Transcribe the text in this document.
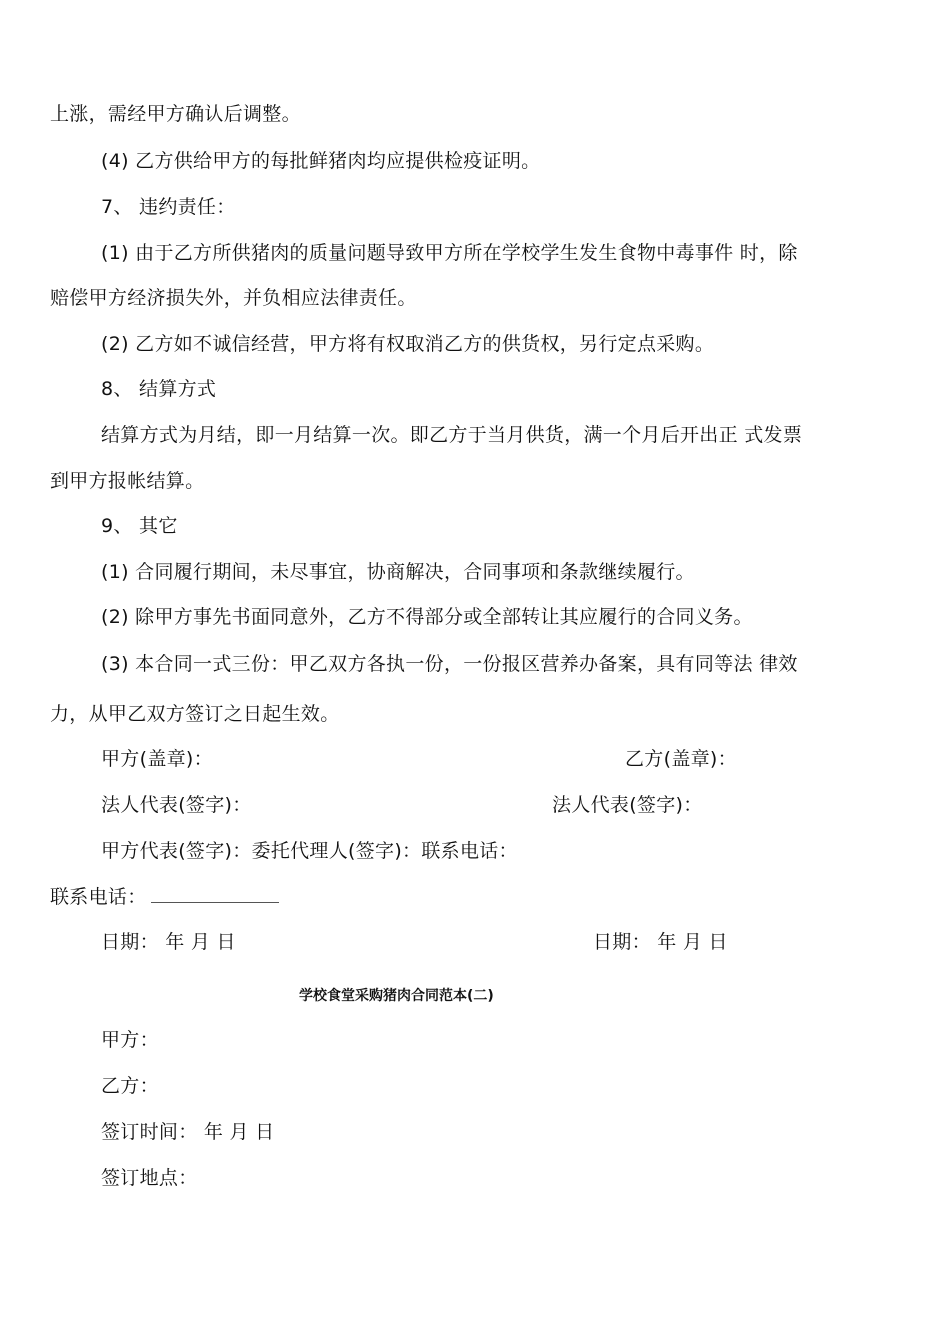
上涨，需经甲方确认后调整。
(4) 乙方供给甲方的每批鲜猪肉均应提供检疫证明。
7、 违约责任：
(1) 由于乙方所供猪肉的质量问题导致甲方所在学校学生发生食物中毒事件 时，除
赔偿甲方经济损失外，并负相应法律责任。
(2) 乙方如不诚信经营，甲方将有权取消乙方的供货权，另行定点采购。
8、 结算方式
结算方式为月结，即一月结算一次。即乙方于当月供货，满一个月后开出正 式发票
到甲方报帐结算。
9、 其它
(1) 合同履行期间，未尽事宜，协商解决，合同事项和条款继续履行。
(2) 除甲方事先书面同意外，乙方不得部分或全部转让其应履行的合同义务。
(3) 本合同一式三份：甲乙双方各执一份，一份报区营养办备案，具有同等法 律效
力，从甲乙双方签订之日起生效。
甲方(盖章)：	乙方(盖章)：
法人代表(签字)：	法人代表(签字)：
甲方代表(签字)：委托代理人(签字)：联系电话：
联系电话：
日期： 年 月 日	日期： 年 月 日
学校食堂采购猪肉合同范本(二)
甲方：
乙方：
签订时间： 年 月 日
签订地点：
